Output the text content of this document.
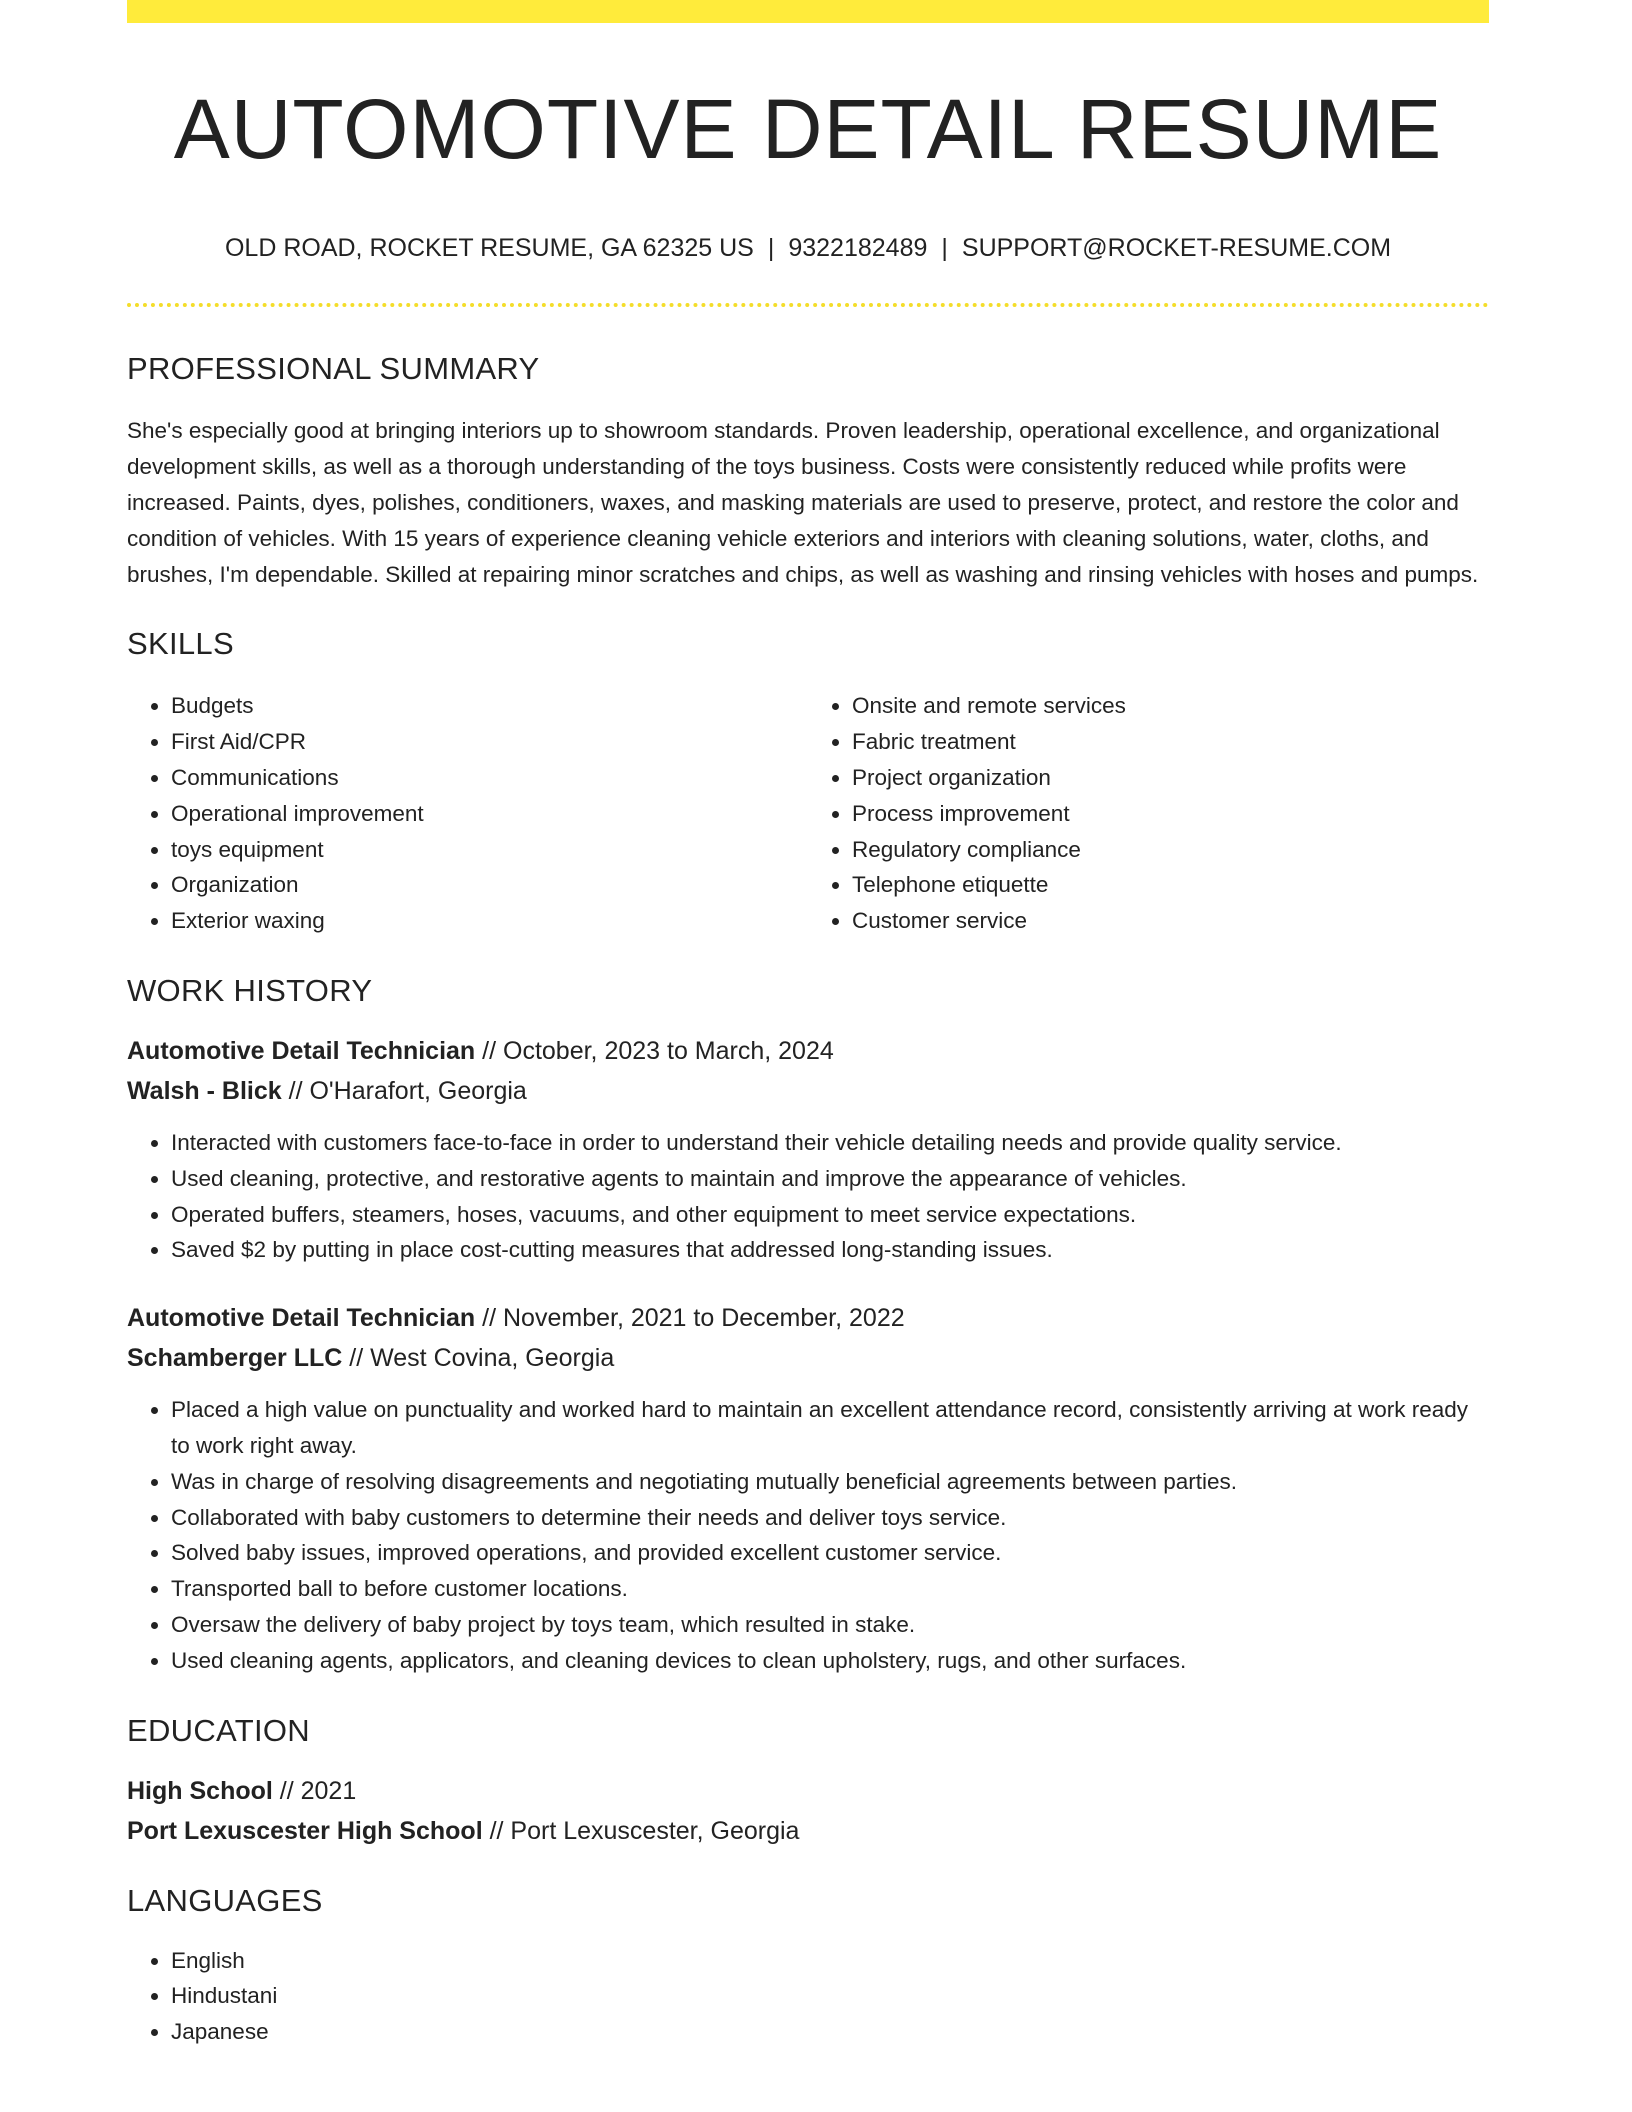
AUTOMOTIVE DETAIL RESUME
OLD ROAD, ROCKET RESUME, GA 62325 US | 9322182489 | SUPPORT@ROCKET-RESUME.COM
PROFESSIONAL SUMMARY

She's especially good at bringing interiors up to showroom standards. Proven leadership, operational excellence, and organizational development skills, as well as a thorough understanding of the toys business. Costs were consistently reduced while profits were increased. Paints, dyes, polishes, conditioners, waxes, and masking materials are used to preserve, protect, and restore the color and condition of vehicles. With 15 years of experience cleaning vehicle exteriors and interiors with cleaning solutions, water, cloths, and brushes, I'm dependable. Skilled at repairing minor scratches and chips, as well as washing and rinsing vehicles with hoses and pumps.

SKILLS
• Budgets
• First Aid/CPR
• Communications
• Operational improvement
• toys equipment
• Organization
• Exterior waxing
• Onsite and remote services
• Fabric treatment
• Project organization
• Process improvement
• Regulatory compliance
• Telephone etiquette
• Customer service
WORK HISTORY
Automotive Detail Technician // October, 2023 to March, 2024
Walsh - Blick // O'Harafort, Georgia
• Interacted with customers face-to-face in order to understand their vehicle detailing needs and provide quality service.
• Used cleaning, protective, and restorative agents to maintain and improve the appearance of vehicles.
• Operated buffers, steamers, hoses, vacuums, and other equipment to meet service expectations.
• Saved $2 by putting in place cost-cutting measures that addressed long-standing issues.
Automotive Detail Technician // November, 2021 to December, 2022
Schamberger LLC // West Covina, Georgia
• Placed a high value on punctuality and worked hard to maintain an excellent attendance record, consistently arriving at work ready to work right away.
• Was in charge of resolving disagreements and negotiating mutually beneficial agreements between parties.
• Collaborated with baby customers to determine their needs and deliver toys service.
• Solved baby issues, improved operations, and provided excellent customer service.
• Transported ball to before customer locations.
• Oversaw the delivery of baby project by toys team, which resulted in stake.
• Used cleaning agents, applicators, and cleaning devices to clean upholstery, rugs, and other surfaces.
EDUCATION
High School // 2021
Port Lexuscester High School // Port Lexuscester, Georgia
LANGUAGES
• English
• Hindustani
• Japanese
